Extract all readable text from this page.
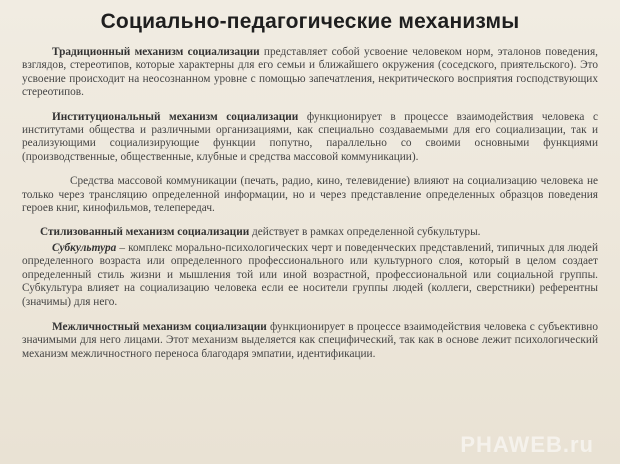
Социально-педагогические механизмы

Традиционный механизм социализации представляет собой усвоение человеком норм, эталонов поведения, взглядов, стереотипов, которые характерны для его семьи и ближайшего окружения (соседского, приятельского). Это усвоение происходит на неосознанном уровне с помощью запечатления, некритического восприятия господствующих стереотипов.

Институциональный механизм социализации функционирует в процессе взаимодействия человека с институтами общества и различными организациями, как специально создаваемыми для его социализации, так и реализующими социализирующие функции попутно, параллельно со своими основными функциями (производственные, общественные, клубные и средства массовой коммуникации).

Средства массовой коммуникации (печать, радио, кино, телевидение) влияют на социализацию человека не только через трансляцию определенной информации, но и через представление определенных образцов поведения героев книг, кинофильмов, телепередач.

Стилизованный механизм социализации действует в рамках определенной субкультуры.

Субкультура – комплекс морально-психологических черт и поведенческих представлений, типичных для людей определенного возраста или определенного профессионального или культурного слоя, который в целом создает определенный стиль жизни и мышления той или иной возрастной, профессиональной или социальной группы. Субкультура влияет на социализацию человека если ее носители группы людей (коллеги, сверстники) референтны (значимы) для него.

Межличностный механизм социализации функционирует в процессе взаимодействия человека с субъективно значимыми для него лицами. Этот механизм выделяется как специфический, так как в основе лежит психологический механизм межличностного переноса благодаря эмпатии, идентификации.

PHAWEB.ru
